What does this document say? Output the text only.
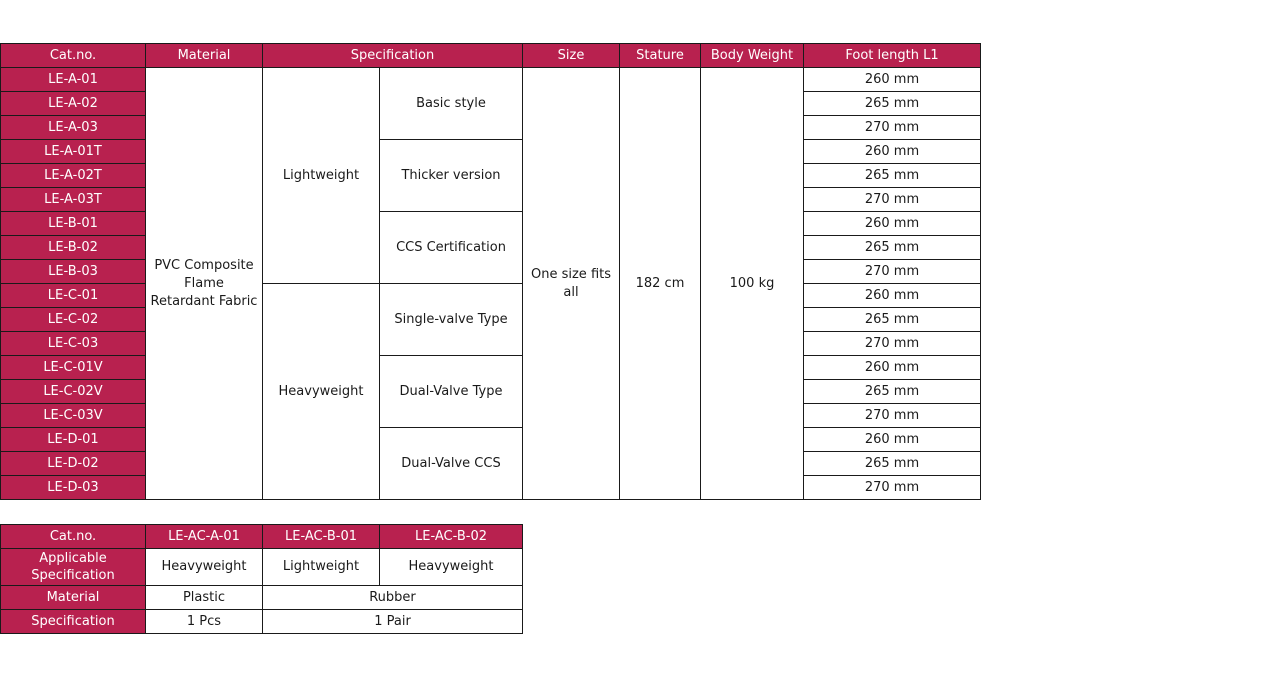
Cat.no.	Material	Specification		Size	Stature	Body Weight	Foot length L1
LE-A-01	PVC Composite Flame Retardant Fabric	Lightweight	Basic style	One size fits all	182 cm	100 kg	260 mm
LE-A-02							265 mm
LE-A-03							270 mm
LE-A-01T			Thicker version				260 mm
LE-A-02T							265 mm
LE-A-03T							270 mm
LE-B-01			CCS Certification				260 mm
LE-B-02							265 mm
LE-B-03							270 mm
LE-C-01		Heavyweight	Single-valve Type				260 mm
LE-C-02							265 mm
LE-C-03							270 mm
LE-C-01V			Dual-Valve Type				260 mm
LE-C-02V							265 mm
LE-C-03V							270 mm
LE-D-01			Dual-Valve CCS				260 mm
LE-D-02							265 mm
LE-D-03							270 mm
Cat.no.	LE-AC-A-01	LE-AC-B-01	LE-AC-B-02
Applicable Specification	Heavyweight	Lightweight	Heavyweight
Material	Plastic	Rubber	
Specification	1 Pcs	1 Pair	
